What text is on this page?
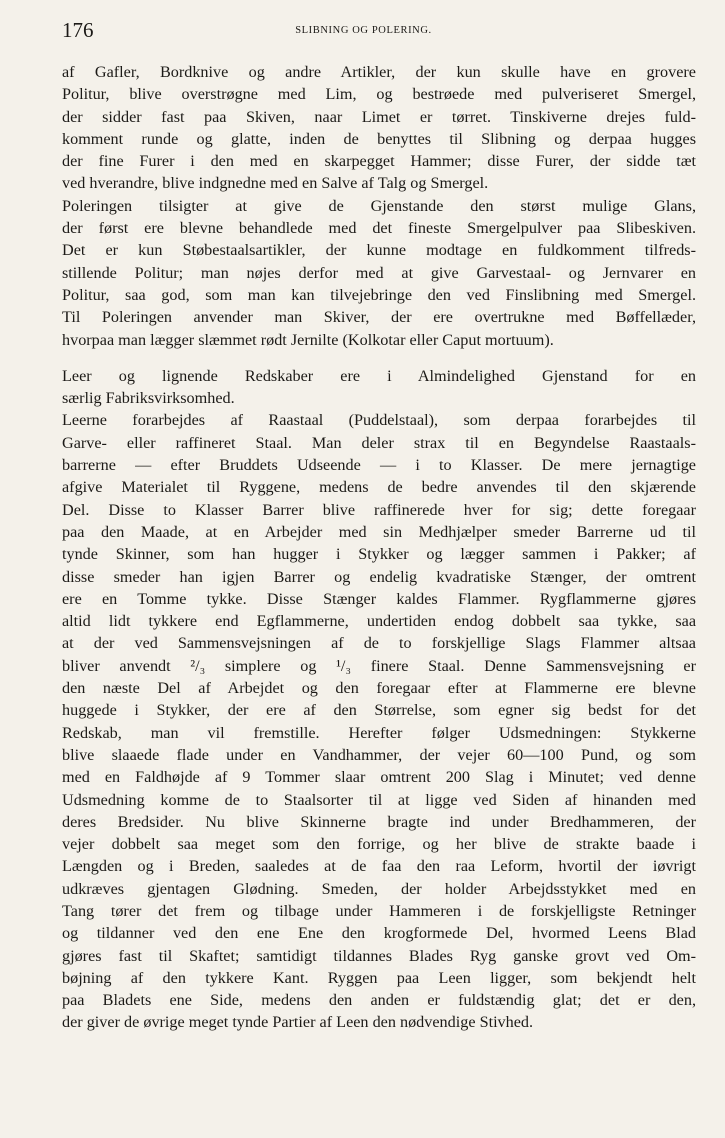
176	SLIBNING OG POLERING.
af Gafler, Bordknive og andre Artikler, der kun skulle have en grovere
Politur, blive overstrøgne med Lim, og bestrøede med pulveriseret Smergel,
der sidder fast paa Skiven, naar Limet er tørret. Tinskiverne drejes fuld-
komment runde og glatte, inden de benyttes til Slibning og derpaa hugges
der fine Furer i den med en skarpegget Hammer; disse Furer, der sidde tæt
ved hverandre, blive indgnedne med en Salve af Talg og Smergel.
Poleringen tilsigter at give de Gjenstande den størst mulige Glans,
der først ere blevne behandlede med det fineste Smergelpulver paa Slibeskiven.
Det er kun Støbestaalsartikler, der kunne modtage en fuldkomment tilfreds-
stillende Politur; man nøjes derfor med at give Garvestaal- og Jernvarer en
Politur, saa god, som man kan tilvejebringe den ved Finslibning med Smergel.
Til Poleringen anvender man Skiver, der ere overtrukne med Bøffellæder,
hvorpaa man lægger slæmmet rødt Jernilte (Kolkotar eller Caput mortuum).
Leer og lignende Redskaber ere i Almindelighed Gjenstand for en
særlig Fabriksvirksomhed.
Leerne forarbejdes af Raastaal (Puddelstaal), som derpaa forarbejdes til
Garve- eller raffineret Staal. Man deler strax til en Begyndelse Raastaals-
barrerne — efter Bruddets Udseende — i to Klasser. De mere jernagtige
afgive Materialet til Ryggene, medens de bedre anvendes til den skjærende
Del. Disse to Klasser Barrer blive raffinerede hver for sig; dette foregaar
paa den Maade, at en Arbejder med sin Medhjælper smeder Barrerne ud til
tynde Skinner, som han hugger i Stykker og lægger sammen i Pakker; af
disse smeder han igjen Barrer og endelig kvadratiske Stænger, der omtrent
ere en Tomme tykke. Disse Stænger kaldes Flammer. Rygflammerne gjøres
altid lidt tykkere end Egflammerne, undertiden endog dobbelt saa tykke, saa
at der ved Sammensvejsningen af de to forskjellige Slags Flammer altsaa
bliver anvendt ²/₃ simplere og ¹/₃ finere Staal. Denne Sammensvejsning er
den næste Del af Arbejdet og den foregaar efter at Flammerne ere blevne
huggede i Stykker, der ere af den Størrelse, som egner sig bedst for det
Redskab, man vil fremstille. Herefter følger Udsmedningen: Stykkerne
blive slaaede flade under en Vandhammer, der vejer 60—100 Pund, og som
med en Faldhøjde af 9 Tommer slaar omtrent 200 Slag i Minutet; ved denne
Udsmedning komme de to Staalsorter til at ligge ved Siden af hinanden med
deres Bredsider. Nu blive Skinnerne bragte ind under Bredhammeren, der
vejer dobbelt saa meget som den forrige, og her blive de strakte baade i
Længden og i Breden, saaledes at de faa den raa Leform, hvortil der iøvrigt
udkræves gjentagen Glødning. Smeden, der holder Arbejdsstykket med en
Tang tører det frem og tilbage under Hammeren i de forskjelligste Retninger
og tildanner ved den ene Ene den krogformede Del, hvormed Leens Blad
gjøres fast til Skaftet; samtidigt tildannes Blades Ryg ganske grovt ved Om-
bøjning af den tykkere Kant. Ryggen paa Leen ligger, som bekjendt helt
paa Bladets ene Side, medens den anden er fuldstændig glat; det er den,
der giver de øvrige meget tynde Partier af Leen den nødvendige Stivhed.
